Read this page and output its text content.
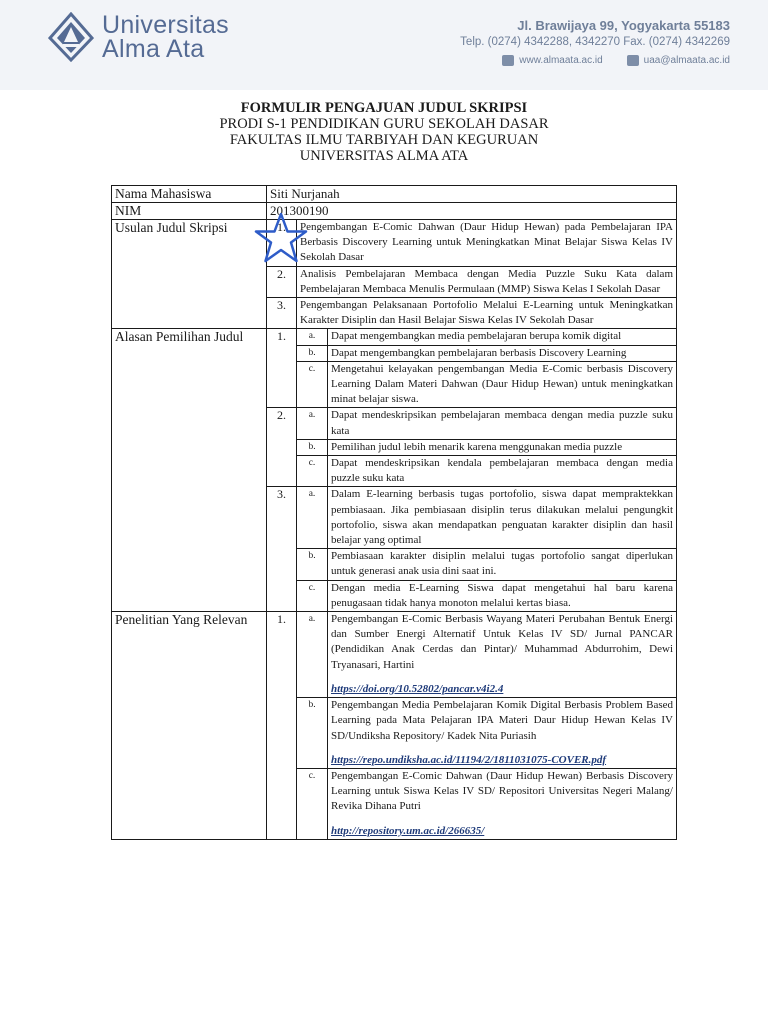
Universitas
Alma Ata
Jl. Brawijaya 99, Yogyakarta 55183
Telp. (0274) 4342288, 4342270 Fax. (0274) 4342269
www.almaata.ac.id	uaa@almaata.ac.id
FORMULIR PENGAJUAN JUDUL SKRIPSI
PRODI S-1 PENDIDIKAN GURU SEKOLAH DASAR
FAKULTAS ILMU TARBIYAH DAN KEGURUAN
UNIVERSITAS ALMA ATA
Nama Mahasiswa	Siti Nurjanah		
NIM	201300190		
Usulan Judul Skripsi	1.	Pengembangan E-Comic Dahwan (Daur Hidup Hewan) pada Pembelajaran IPA Berbasis Discovery Learning untuk Meningkatkan Minat Belajar Siswa Kelas IV Sekolah Dasar	
	2.	Analisis Pembelajaran Membaca dengan Media Puzzle Suku Kata dalam Pembelajaran Membaca Menulis Permulaan (MMP) Siswa Kelas I Sekolah Dasar	
	3.	Pengembangan Pelaksanaan Portofolio Melalui E-Learning untuk Meningkatkan Karakter Disiplin dan Hasil Belajar Siswa Kelas IV Sekolah Dasar	
Alasan Pemilihan Judul	1.	a.	Dapat mengembangkan media pembelajaran berupa komik digital
		b.	Dapat mengembangkan pembelajaran berbasis Discovery Learning
		c.	Mengetahui kelayakan pengembangan Media E-Comic berbasis Discovery Learning Dalam Materi Dahwan (Daur Hidup Hewan) untuk meningkatkan minat belajar siswa.
	2.	a.	Dapat mendeskripsikan pembelajaran membaca dengan media puzzle suku kata
		b.	Pemilihan judul lebih menarik karena menggunakan media puzzle
		c.	Dapat mendeskripsikan kendala pembelajaran membaca dengan media puzzle suku kata
	3.	a.	Dalam E-learning berbasis tugas portofolio, siswa dapat mempraktekkan pembiasaan. Jika pembiasaan disiplin terus dilakukan melalui pengungkit portofolio, siswa akan mendapatkan penguatan karakter disiplin dan hasil belajar yang optimal
		b.	Pembiasaan karakter disiplin melalui tugas portofolio sangat diperlukan untuk generasi anak usia dini saat ini.
		c.	Dengan media E-Learning Siswa dapat mengetahui hal baru karena penugasaan tidak hanya monoton melalui kertas biasa.
Penelitian Yang Relevan	1.	a.	Pengembangan E-Comic Berbasis Wayang Materi Perubahan Bentuk Energi dan Sumber Energi Alternatif Untuk Kelas IV SD/ Jurnal PANCAR (Pendidikan Anak Cerdas dan Pintar)/ Muhammad Abdurrohim, Dewi Tryanasari, Hartini
https://doi.org/10.52802/pancar.v4i2.4

		b.	Pengembangan Media Pembelajaran Komik Digital Berbasis Problem Based Learning pada Mata Pelajaran IPA Materi Daur Hidup Hewan Kelas IV SD/Undiksha Repository/ Kadek Nita Puriasih
https://repo.undiksha.ac.id/11194/2/1811031075-COVER.pdf

		c.	Pengembangan E-Comic Dahwan (Daur Hidup Hewan) Berbasis Discovery Learning untuk Siswa Kelas IV SD/ Repositori Universitas Negeri Malang/ Revika Dihana Putri
http://repository.um.ac.id/266635/
